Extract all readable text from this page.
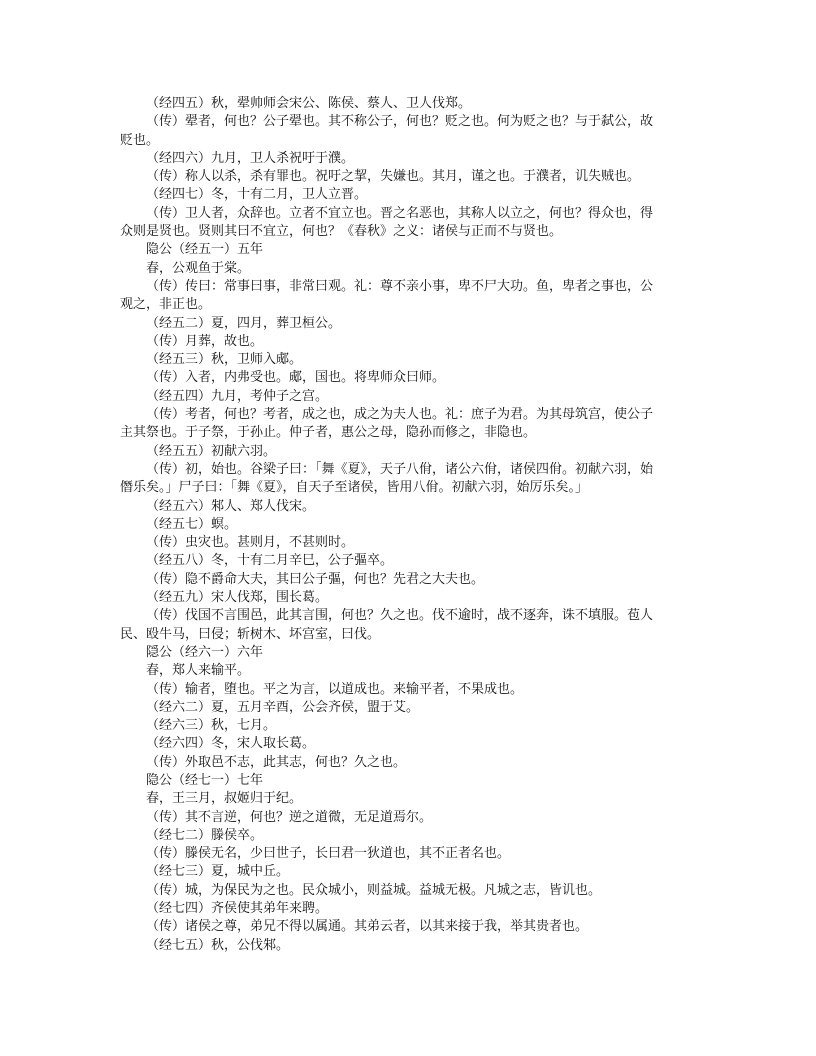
（经四五）秋，翚帅师会宋公、陈侯、蔡人、卫人伐郑。
（传）翚者，何也？公子翚也。其不称公子，何也？贬之也。何为贬之也？与于弑公，故
贬也。
（经四六）九月，卫人杀祝吁于濮。
（传）称人以杀，杀有罪也。祝吁之挈，失嫌也。其月，谨之也。于濮者，讥失贼也。
（经四七）冬，十有二月，卫人立晋。
（传）卫人者，众辞也。立者不宜立也。晋之名恶也，其称人以立之，何也？得众也，得
众则是贤也。贤则其曰不宜立，何也？《春秋》之义：诸侯与正而不与贤也。
隐公（经五一）五年
春，公观鱼于棠。
（传）传曰：常事曰事，非常曰观。礼：尊不亲小事，卑不尸大功。鱼，卑者之事也，公
观之，非正也。
（经五二）夏，四月，葬卫桓公。
（传）月葬，故也。
（经五三）秋，卫师入郕。
（传）入者，内弗受也。郕，国也。将卑师众曰师。
（经五四）九月，考仲子之宫。
（传）考者，何也？考者，成之也，成之为夫人也。礼：庶子为君。为其母筑宫，使公子
主其祭也。于子祭，于孙止。仲子者，惠公之母，隐孙而修之，非隐也。
（经五五）初献六羽。
（传）初，始也。谷梁子曰：「舞《夏》，天子八佾，诸公六佾，诸侯四佾。初献六羽，始
僭乐矣。」尸子曰：「舞《夏》，自天子至诸侯，皆用八佾。初献六羽，始厉乐矣。」
（经五六）邾人、郑人伐宋。
（经五七）螟。
（传）虫灾也。甚则月，不甚则时。
（经五八）冬，十有二月辛巳，公子彄卒。
（传）隐不爵命大夫，其曰公子彄，何也？先君之大夫也。
（经五九）宋人伐郑，围长葛。
（传）伐国不言围邑，此其言围，何也？久之也。伐不逾时，战不逐奔，诛不填服。苞人
民、殴牛马，曰侵；斩树木、坏宫室，曰伐。
隠公（经六一）六年
春，郑人来输平。
（传）输者，堕也。平之为言，以道成也。来输平者，不果成也。
（经六二）夏，五月辛酉，公会齐侯，盟于艾。
（经六三）秋，七月。
（经六四）冬，宋人取长葛。
（传）外取邑不志，此其志，何也？久之也。
隐公（经七一）七年
春，王三月，叔姬归于纪。
（传）其不言逆，何也？逆之道微，无足道焉尔。
（经七二）滕侯卒。
（传）滕侯无名，少曰世子，长曰君一狄道也，其不正者名也。
（经七三）夏，城中丘。
（传）城，为保民为之也。民众城小，则益城。益城无极。凡城之志，皆讥也。
（经七四）齐侯使其弟年来聘。
（传）诸侯之尊，弟兄不得以属通。其弟云者，以其来接于我，举其贵者也。
（经七五）秋，公伐邾。
